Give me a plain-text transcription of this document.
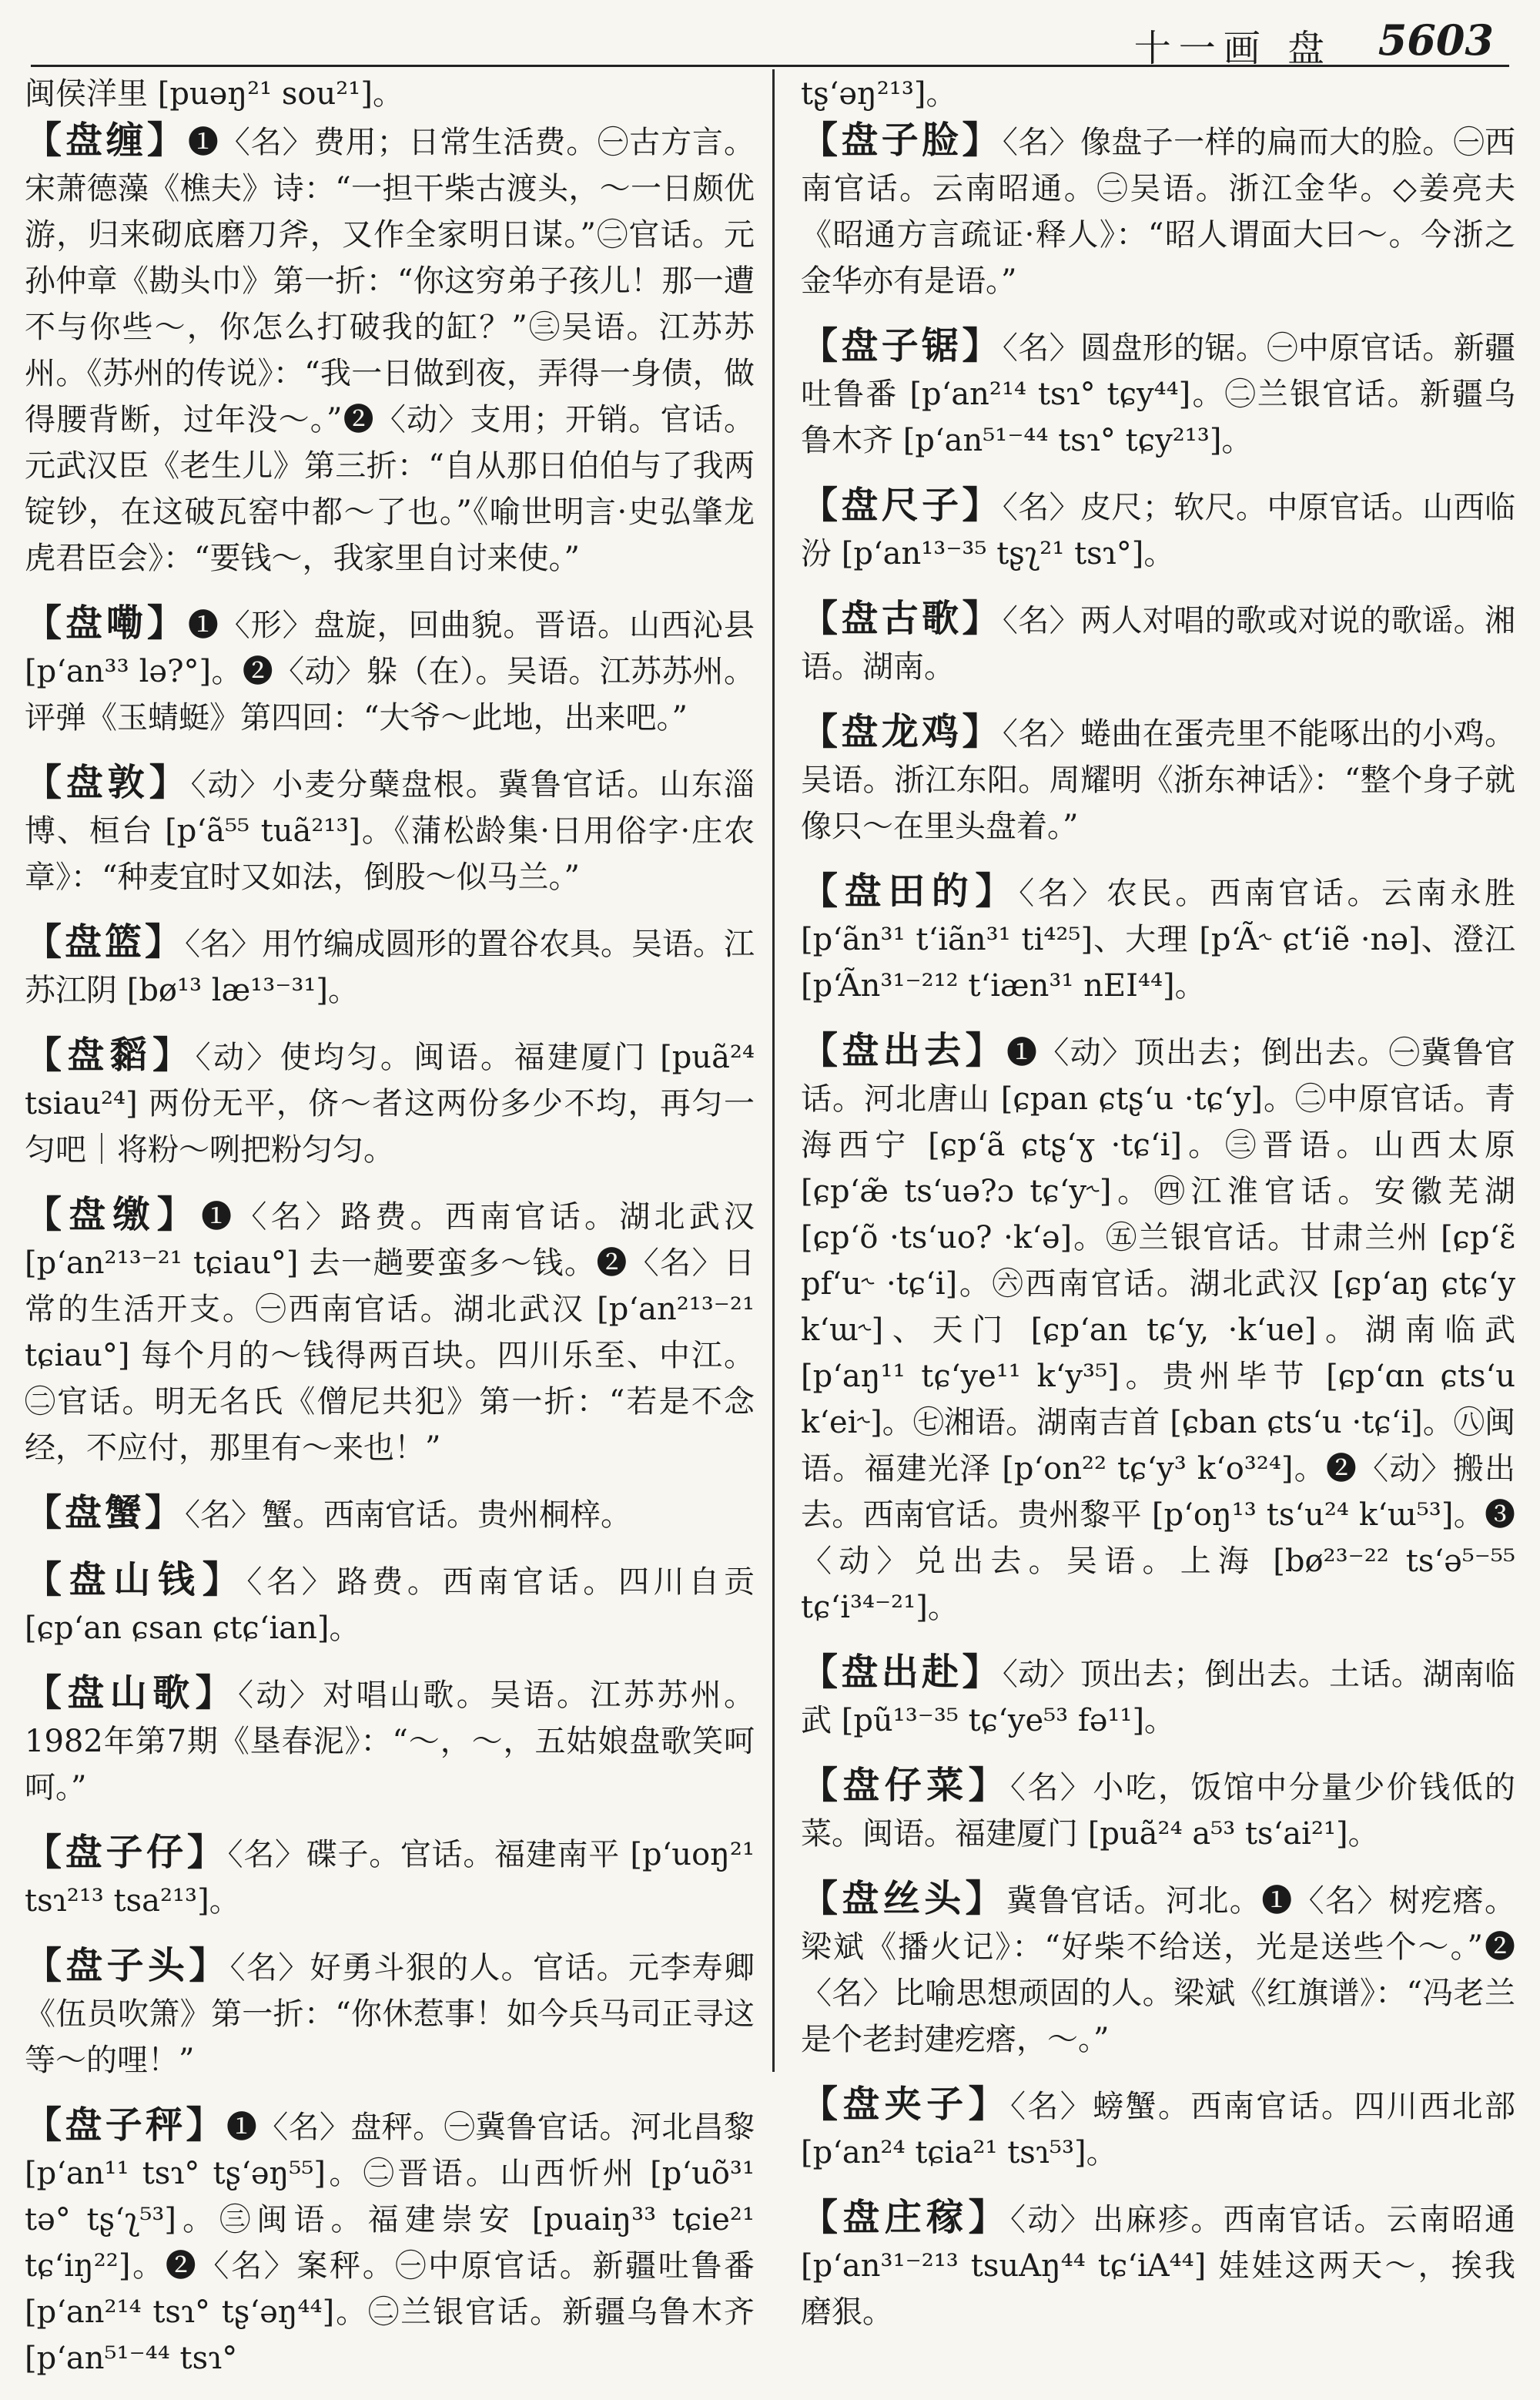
十一画 盘 5603
闽侯洋里 [puəŋ²¹ sou²¹]。
【盘缠】❶〈名〉费用；日常生活费。㊀古方言。宋萧德藻《樵夫》诗：“一担干柴古渡头，～一日颇优游，归来砌底磨刀斧，又作全家明日谋。”㊁官话。元孙仲章《勘头巾》第一折：“你这穷弟子孩儿！那一遭不与你些～，你怎么打破我的缸？”㊂吴语。江苏苏州。《苏州的传说》：“我一日做到夜，弄得一身债，做得腰背断，过年没～。”❷〈动〉支用；开销。官话。元武汉臣《老生儿》第三折：“自从那日伯伯与了我两锭钞，在这破瓦窑中都～了也。”《喻世明言·史弘肇龙虎君臣会》：“要钱～，我家里自讨来使。”
【盘嘞】❶〈形〉盘旋，回曲貌。晋语。山西沁县 [p‘an³³ lə?°]。❷〈动〉躲（在）。吴语。江苏苏州。评弹《玉蜻蜓》第四回：“大爷～此地，出来吧。”
【盘敦】〈动〉小麦分蘖盘根。冀鲁官话。山东淄博、桓台 [p‘ã⁵⁵ tuã²¹³]。《蒲松龄集·日用俗字·庄农章》：“种麦宜时又如法，倒股～似马兰。”
【盘篮】〈名〉用竹编成圆形的置谷农具。吴语。江苏江阴 [bø¹³ læ¹³⁻³¹]。
【盘䵚】〈动〉使均匀。闽语。福建厦门 [puã²⁴ tsiau²⁴] 两份无平，侪～者这两份多少不均，再匀一匀吧｜将粉～咧把粉匀匀。
【盘缴】❶〈名〉路费。西南官话。湖北武汉 [p‘an²¹³⁻²¹ tɕiau°] 去一趟要蛮多～钱。❷〈名〉日常的生活开支。㊀西南官话。湖北武汉 [p‘an²¹³⁻²¹ tɕiau°] 每个月的～钱得两百块。四川乐至、中江。㊁官话。明无名氏《僧尼共犯》第一折：“若是不念经，不应付，那里有～来也！”
【盘蟹】〈名〉蟹。西南官话。贵州桐梓。
【盘山钱】〈名〉路费。西南官话。四川自贡 [ɕp‘an ɕsan ɕtɕ‘ian]。
【盘山歌】〈动〉对唱山歌。吴语。江苏苏州。1982年第7期《垦春泥》：“～，～，五姑娘盘歌笑呵呵。”
【盘子仔】〈名〉碟子。官话。福建南平 [p‘uoŋ²¹ tsɿ²¹³ tsa²¹³]。
【盘子头】〈名〉好勇斗狠的人。官话。元李寿卿《伍员吹箫》第一折：“你休惹事！如今兵马司正寻这等～的哩！”
【盘子秤】❶〈名〉盘秤。㊀冀鲁官话。河北昌黎 [p‘an¹¹ tsɿ° tʂ‘əŋ⁵⁵]。㊁晋语。山西忻州 [p‘uõ³¹ tə° tʂ‘ʅ⁵³]。㊂闽语。福建崇安 [puaiŋ³³ tɕie²¹ tɕ‘iŋ²²]。❷〈名〉案秤。㊀中原官话。新疆吐鲁番 [p‘an²¹⁴ tsɿ° tʂ‘əŋ⁴⁴]。㊁兰银官话。新疆乌鲁木齐 [p‘an⁵¹⁻⁴⁴ tsɿ°
tʂ‘əŋ²¹³]。
【盘子脸】〈名〉像盘子一样的扁而大的脸。㊀西南官话。云南昭通。㊁吴语。浙江金华。◇姜亮夫《昭通方言疏证·释人》：“昭人谓面大曰～。今浙之金华亦有是语。”
【盘子锯】〈名〉圆盘形的锯。㊀中原官话。新疆吐鲁番 [p‘an²¹⁴ tsɿ° tɕy⁴⁴]。㊁兰银官话。新疆乌鲁木齐 [p‘an⁵¹⁻⁴⁴ tsɿ° tɕy²¹³]。
【盘尺子】〈名〉皮尺；软尺。中原官话。山西临汾 [p‘an¹³⁻³⁵ tʂʅ²¹ tsɿ°]。
【盘古歌】〈名〉两人对唱的歌或对说的歌谣。湘语。湖南。
【盘龙鸡】〈名〉蜷曲在蛋壳里不能啄出的小鸡。吴语。浙江东阳。周耀明《浙东神话》：“整个身子就像只～在里头盘着。”
【盘田的】〈名〉农民。西南官话。云南永胜 [p‘ãn³¹ t‘iãn³¹ ti⁴²⁵]、大理 [p‘Ã˞ ɕt‘iẽ ·nə]、澄江 [p‘Ãn³¹⁻²¹² t‘iæn³¹ nEI⁴⁴]。
【盘出去】❶〈动〉顶出去；倒出去。㊀冀鲁官话。河北唐山 [ɕpan ɕtʂ‘u ·tɕ‘y]。㊁中原官话。青海西宁 [ɕp‘ã ɕtʂ‘ɣ ·tɕ‘i]。㊂晋语。山西太原 [ɕp‘æ̃ ts‘uə?ɔ tɕ‘y˞]。㊃江淮官话。安徽芜湖 [ɕp‘õ ·ts‘uo? ·k‘ə]。㊄兰银官话。甘肃兰州 [ɕp‘ɛ̃ pf‘u˞ ·tɕ‘i]。㊅西南官话。湖北武汉 [ɕp‘aŋ ɕtɕ‘y k‘ɯ˞]、天门 [ɕp‘an tɕ‘y, ·k‘ue]。湖南临武 [p‘aŋ¹¹ tɕ‘ye¹¹ k‘y³⁵]。贵州毕节 [ɕp‘ɑn ɕts‘u k‘ei˞]。㊆湘语。湖南吉首 [ɕban ɕts‘u ·tɕ‘i]。㊇闽语。福建光泽 [p‘on²² tɕ‘y³ k‘o³²⁴]。❷〈动〉搬出去。西南官话。贵州黎平 [p‘oŋ¹³ ts‘u²⁴ k‘ɯ⁵³]。❸〈动〉兑出去。吴语。上海 [bø²³⁻²² ts‘ə⁵⁻⁵⁵ tɕ‘i³⁴⁻²¹]。
【盘出赴】〈动〉顶出去；倒出去。土话。湖南临武 [pũ¹³⁻³⁵ tɕ‘ye⁵³ fə¹¹]。
【盘仔菜】〈名〉小吃，饭馆中分量少价钱低的菜。闽语。福建厦门 [puã²⁴ a⁵³ ts‘ai²¹]。
【盘丝头】冀鲁官话。河北。❶〈名〉树疙瘩。梁斌《播火记》：“好柴不给送，光是送些个～。”❷〈名〉比喻思想顽固的人。梁斌《红旗谱》：“冯老兰是个老封建疙瘩，～。”
【盘夹子】〈名〉螃蟹。西南官话。四川西北部 [p‘an²⁴ tɕia²¹ tsɿ⁵³]。
【盘庄稼】〈动〉出麻疹。西南官话。云南昭通 [p‘an³¹⁻²¹³ tsuAŋ⁴⁴ tɕ‘iA⁴⁴] 娃娃这两天～，挨我磨狠。
